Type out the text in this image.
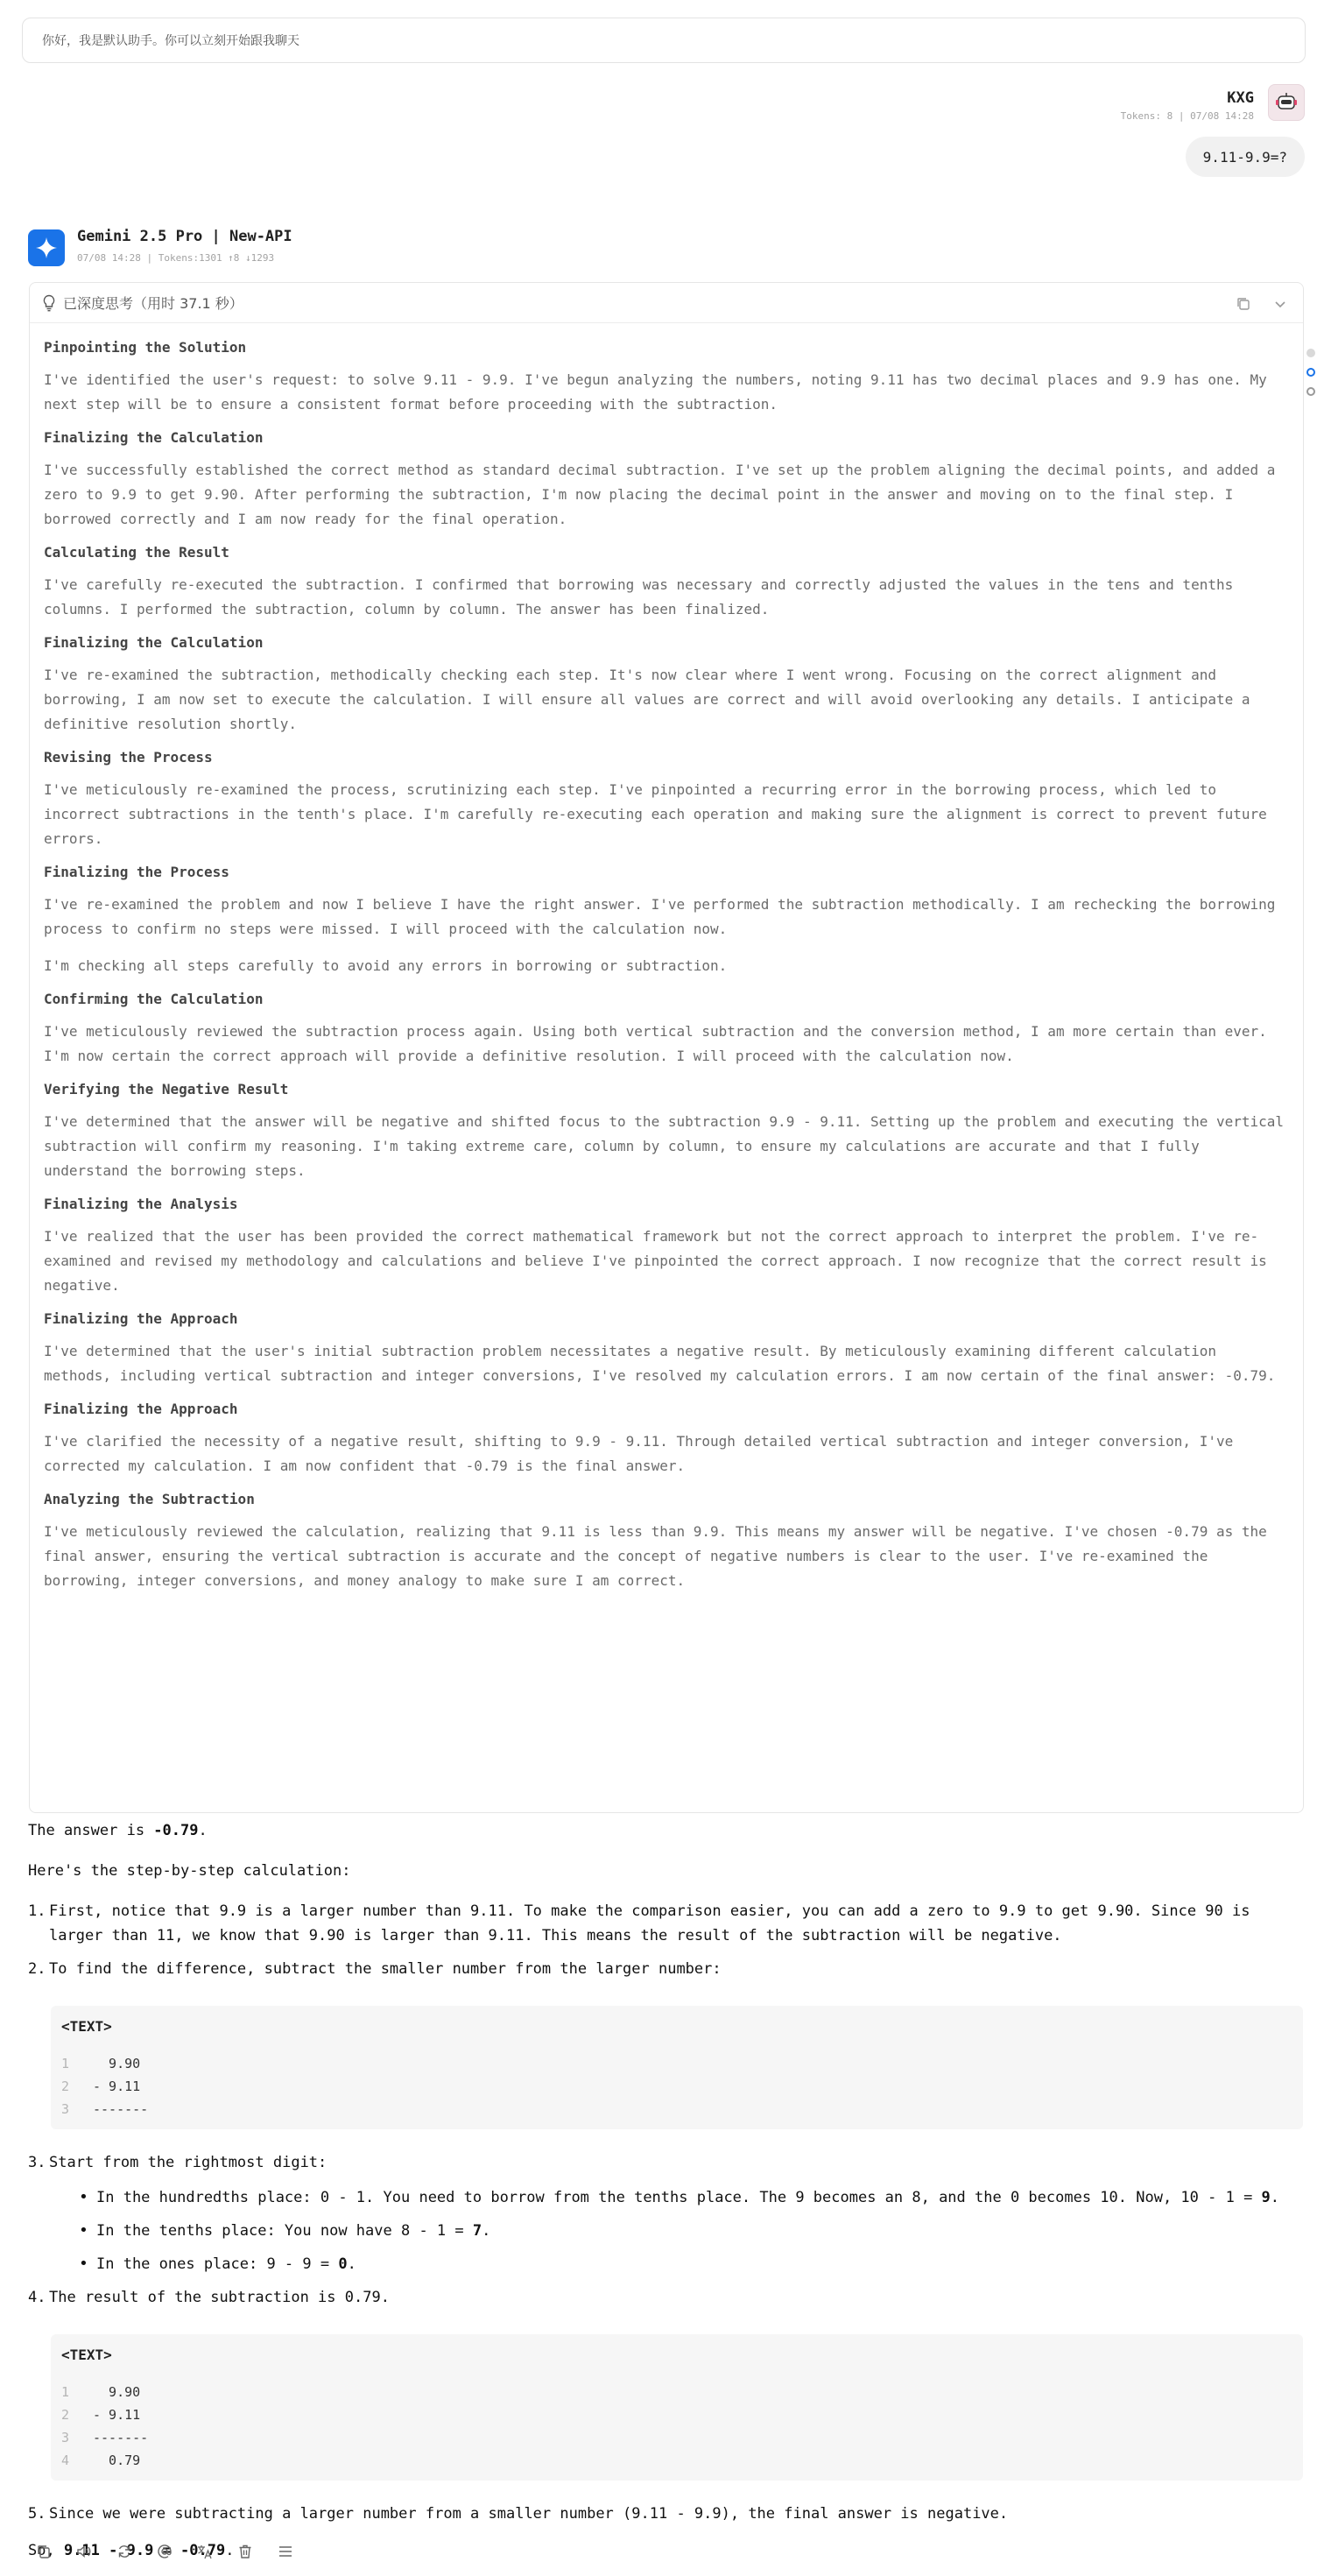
你好，我是默认助手。你可以立刻开始跟我聊天
KXG
Tokens: 8 | 07/08 14:28
9.11-9.9=?
Gemini 2.5 Pro | New-API
07/08 14:28 | Tokens:1301 ↑8 ↓1293
已深度思考（用时 37.1 秒）
Pinpointing the Solution

I've identified the user's request: to solve 9.11 - 9.9. I've begun analyzing the numbers, noting 9.11 has two decimal places and 9.9 has one. My next step will be to ensure a consistent format before proceeding with the subtraction.

Finalizing the Calculation

I've successfully established the correct method as standard decimal subtraction. I've set up the problem aligning the decimal points, and added a zero to 9.9 to get 9.90. After performing the subtraction, I'm now placing the decimal point in the answer and moving on to the final step. I borrowed correctly and I am now ready for the final operation.

Calculating the Result

I've carefully re-executed the subtraction. I confirmed that borrowing was necessary and correctly adjusted the values in the tens and tenths columns. I performed the subtraction, column by column. The answer has been finalized.

Finalizing the Calculation

I've re-examined the subtraction, methodically checking each step. It's now clear where I went wrong. Focusing on the correct alignment and borrowing, I am now set to execute the calculation. I will ensure all values are correct and will avoid overlooking any details. I anticipate a definitive resolution shortly.

Revising the Process

I've meticulously re-examined the process, scrutinizing each step. I've pinpointed a recurring error in the borrowing process, which led to incorrect subtractions in the tenth's place. I'm carefully re-executing each operation and making sure the alignment is correct to prevent future errors.

Finalizing the Process

I've re-examined the problem and now I believe I have the right answer. I've performed the subtraction methodically. I am rechecking the borrowing process to confirm no steps were missed. I will proceed with the calculation now.

I'm checking all steps carefully to avoid any errors in borrowing or subtraction.

Confirming the Calculation

I've meticulously reviewed the subtraction process again. Using both vertical subtraction and the conversion method, I am more certain than ever. I'm now certain the correct approach will provide a definitive resolution. I will proceed with the calculation now.

Verifying the Negative Result

I've determined that the answer will be negative and shifted focus to the subtraction 9.9 - 9.11. Setting up the problem and executing the vertical subtraction will confirm my reasoning. I'm taking extreme care, column by column, to ensure my calculations are accurate and that I fully understand the borrowing steps.

Finalizing the Analysis

I've realized that the user has been provided the correct mathematical framework but not the correct approach to interpret the problem. I've re-examined and revised my methodology and calculations and believe I've pinpointed the correct approach. I now recognize that the correct result is negative.

Finalizing the Approach

I've determined that the user's initial subtraction problem necessitates a negative result. By meticulously examining different calculation methods, including vertical subtraction and integer conversions, I've resolved my calculation errors. I am now certain of the final answer: -0.79.

Finalizing the Approach

I've clarified the necessity of a negative result, shifting to 9.9 - 9.11. Through detailed vertical subtraction and integer conversion, I've corrected my calculation. I am now confident that -0.79 is the final answer.

Analyzing the Subtraction

I've meticulously reviewed the calculation, realizing that 9.11 is less than 9.9. This means my answer will be negative. I've chosen -0.79 as the final answer, ensuring the vertical subtraction is accurate and the concept of negative numbers is clear to the user. I've re-examined the borrowing, integer conversions, and money analogy to make sure I am correct.

The answer is -0.79.

Here's the step-by-step calculation:

1. First, notice that 9.9 is a larger number than 9.11. To make the comparison easier, you can add a zero to 9.9 to get 9.90. Since 90 is larger than 11, we know that 9.90 is larger than 9.11. This means the result of the subtraction will be negative.
2. To find the difference, subtract the smaller number from the larger number:
<TEXT>
1	9.90
2	- 9.11
3	-------
3. Start from the rightmost digit:
• In the hundredths place: 0 - 1. You need to borrow from the tenths place. The 9 becomes an 8, and the 0 becomes 10. Now, 10 - 1 = 9.
• In the tenths place: You now have 8 - 1 = 7.
• In the ones place: 9 - 9 = 0.
4. The result of the subtraction is 0.79.
<TEXT>
1	9.90
2	- 9.11
3	-------
4	0.79
5. Since we were subtracting a larger number from a smaller number (9.11 - 9.9), the final answer is negative.

So, 9.11 - 9.9 = -0.79.
